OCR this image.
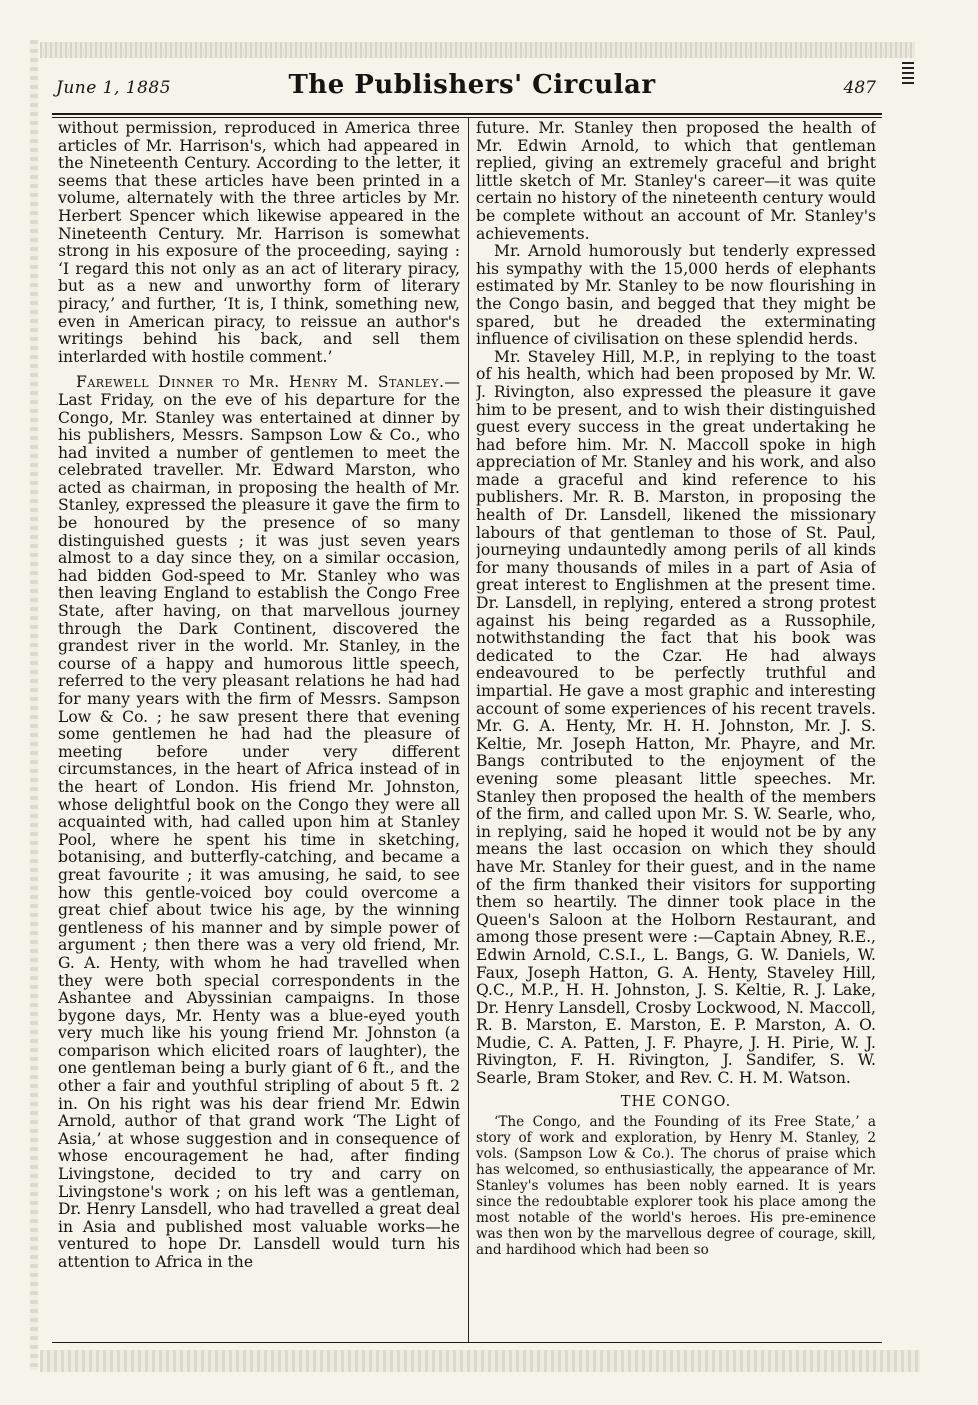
June 1, 1885	The Publishers' Circular	487

without permission, reproduced in America three articles of Mr. Harrison's, which had appeared in the Nineteenth Century. According to the letter, it seems that these articles have been printed in a volume, alternately with the three articles by Mr. Herbert Spencer which likewise appeared in the Nineteenth Century. Mr. Harrison is somewhat strong in his exposure of the proceeding, saying : ‘I regard this not only as an act of literary piracy, but as a new and unworthy form of literary piracy,’ and further, ‘It is, I think, something new, even in American piracy, to reissue an author's writings behind his back, and sell them interlarded with hostile comment.’

Farewell Dinner to Mr. Henry M. Stanley.—Last Friday, on the eve of his departure for the Congo, Mr. Stanley was entertained at dinner by his publishers, Messrs. Sampson Low & Co., who had invited a number of gentlemen to meet the celebrated traveller. Mr. Edward Marston, who acted as chairman, in proposing the health of Mr. Stanley, expressed the pleasure it gave the firm to be honoured by the presence of so many distinguished guests ; it was just seven years almost to a day since they, on a similar occasion, had bidden God-speed to Mr. Stanley who was then leaving England to establish the Congo Free State, after having, on that marvellous journey through the Dark Continent, discovered the grandest river in the world. Mr. Stanley, in the course of a happy and humorous little speech, referred to the very pleasant relations he had had for many years with the firm of Messrs. Sampson Low & Co. ; he saw present there that evening some gentlemen he had had the pleasure of meeting before under very different circumstances, in the heart of Africa instead of in the heart of London. His friend Mr. Johnston, whose delightful book on the Congo they were all acquainted with, had called upon him at Stanley Pool, where he spent his time in sketching, botanising, and butterfly-catching, and became a great favourite ; it was amusing, he said, to see how this gentle-voiced boy could overcome a great chief about twice his age, by the winning gentleness of his manner and by simple power of argument ; then there was a very old friend, Mr. G. A. Henty, with whom he had travelled when they were both special correspondents in the Ashantee and Abyssinian campaigns. In those bygone days, Mr. Henty was a blue-eyed youth very much like his young friend Mr. Johnston (a comparison which elicited roars of laughter), the one gentleman being a burly giant of 6 ft., and the other a fair and youthful stripling of about 5 ft. 2 in. On his right was his dear friend Mr. Edwin Arnold, author of that grand work ‘The Light of Asia,’ at whose suggestion and in consequence of whose encouragement he had, after finding Livingstone, decided to try and carry on Livingstone's work ; on his left was a gentleman, Dr. Henry Lansdell, who had travelled a great deal in Asia and published most valuable works—he ventured to hope Dr. Lansdell would turn his attention to Africa in the

future. Mr. Stanley then proposed the health of Mr. Edwin Arnold, to which that gentleman replied, giving an extremely graceful and bright little sketch of Mr. Stanley's career—it was quite certain no history of the nineteenth century would be complete without an account of Mr. Stanley's achievements.

Mr. Arnold humorously but tenderly expressed his sympathy with the 15,000 herds of elephants estimated by Mr. Stanley to be now flourishing in the Congo basin, and begged that they might be spared, but he dreaded the exterminating influence of civilisation on these splendid herds.

Mr. Staveley Hill, M.P., in replying to the toast of his health, which had been proposed by Mr. W. J. Rivington, also expressed the pleasure it gave him to be present, and to wish their distinguished guest every success in the great undertaking he had before him. Mr. N. Maccoll spoke in high appreciation of Mr. Stanley and his work, and also made a graceful and kind reference to his publishers. Mr. R. B. Marston, in proposing the health of Dr. Lansdell, likened the missionary labours of that gentleman to those of St. Paul, journeying undauntedly among perils of all kinds for many thousands of miles in a part of Asia of great interest to Englishmen at the present time. Dr. Lansdell, in replying, entered a strong protest against his being regarded as a Russophile, notwithstanding the fact that his book was dedicated to the Czar. He had always endeavoured to be perfectly truthful and impartial. He gave a most graphic and interesting account of some experiences of his recent travels. Mr. G. A. Henty, Mr. H. H. Johnston, Mr. J. S. Keltie, Mr. Joseph Hatton, Mr. Phayre, and Mr. Bangs contributed to the enjoyment of the evening some pleasant little speeches. Mr. Stanley then proposed the health of the members of the firm, and called upon Mr. S. W. Searle, who, in replying, said he hoped it would not be by any means the last occasion on which they should have Mr. Stanley for their guest, and in the name of the firm thanked their visitors for supporting them so heartily. The dinner took place in the Queen's Saloon at the Holborn Restaurant, and among those present were :—Captain Abney, R.E., Edwin Arnold, C.S.I., L. Bangs, G. W. Daniels, W. Faux, Joseph Hatton, G. A. Henty, Staveley Hill, Q.C., M.P., H. H. Johnston, J. S. Keltie, R. J. Lake, Dr. Henry Lansdell, Crosby Lockwood, N. Maccoll, R. B. Marston, E. Marston, E. P. Marston, A. O. Mudie, C. A. Patten, J. F. Phayre, J. H. Pirie, W. J. Rivington, F. H. Rivington, J. Sandifer, S. W. Searle, Bram Stoker, and Rev. C. H. M. Watson.

THE CONGO.

‘The Congo, and the Founding of its Free State,’ a story of work and exploration, by Henry M. Stanley, 2 vols. (Sampson Low & Co.). The chorus of praise which has welcomed, so enthusiastically, the appearance of Mr. Stanley's volumes has been nobly earned. It is years since the redoubtable explorer took his place among the most notable of the world's heroes. His pre-eminence was then won by the marvellous degree of courage, skill, and hardihood which had been so
